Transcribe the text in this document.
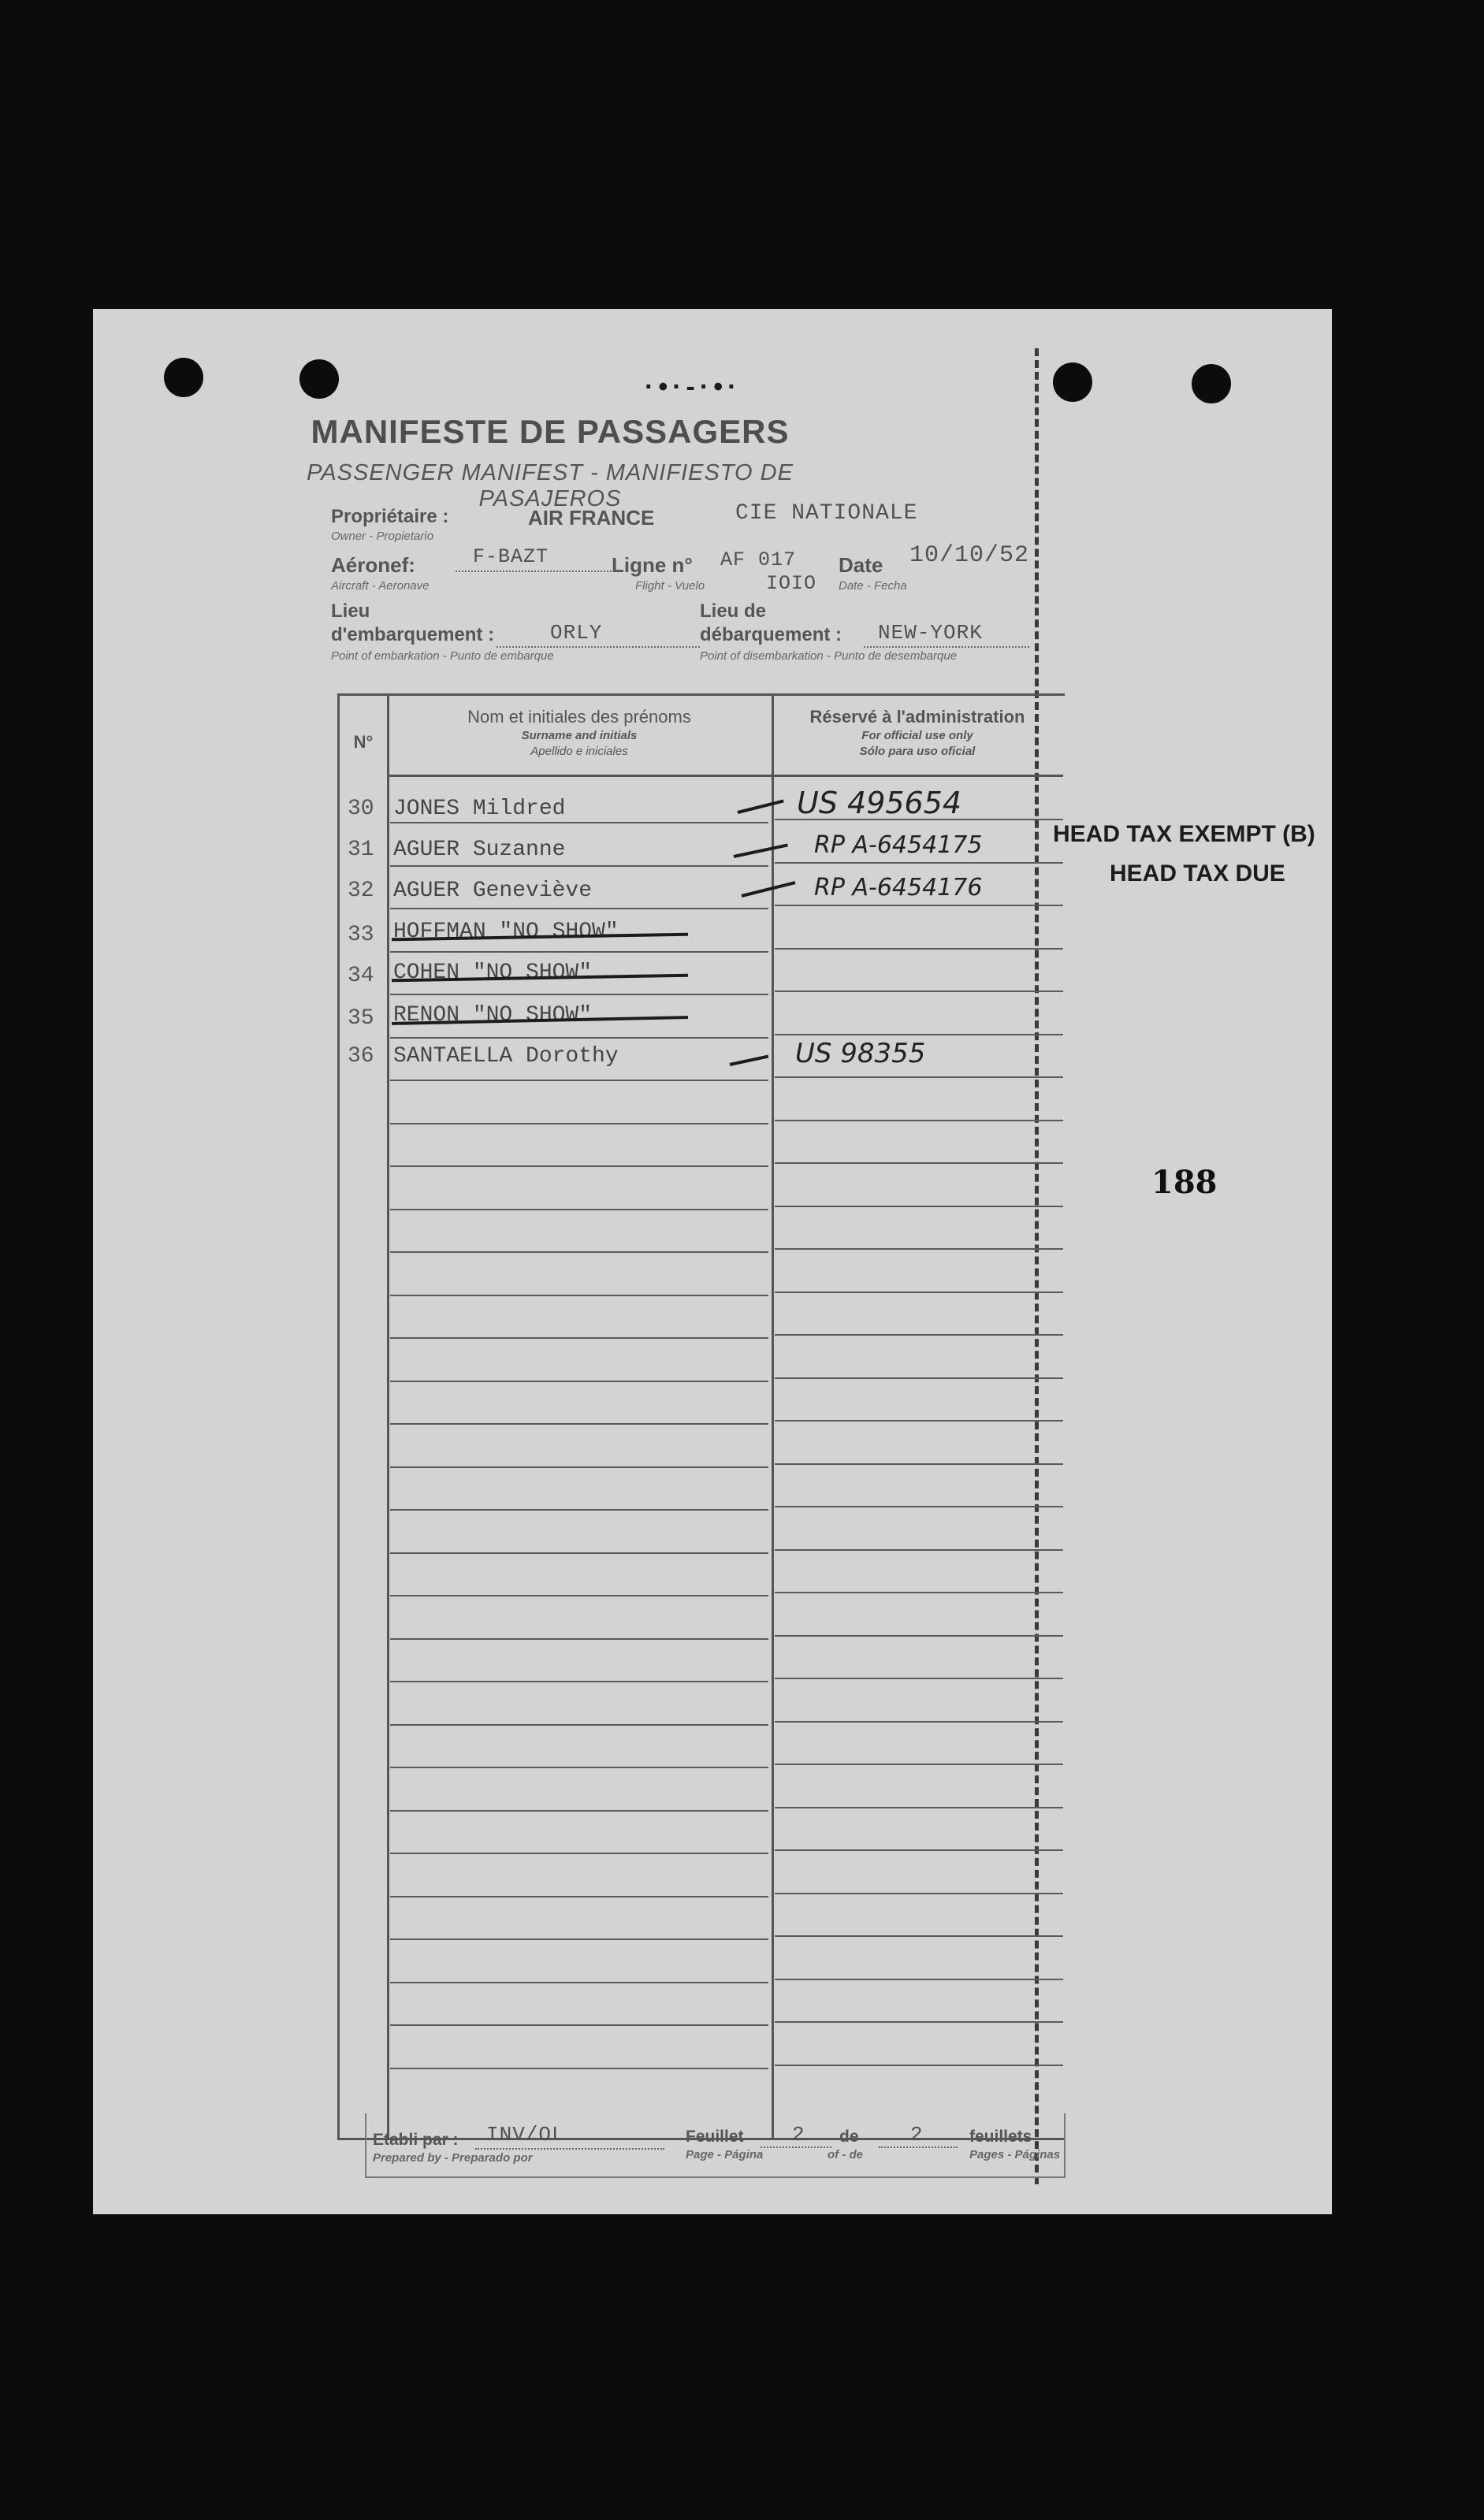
·•·-·•·
MANIFESTE DE PASSAGERS
PASSENGER MANIFEST - MANIFIESTO DE PASAJEROS
Propriétaire :
Owner - Propietario
AIR FRANCE	CIE NATIONALE
Aéronef:
Aircraft - Aeronave
F-BAZT	Ligne n°
Flight - Vuelo
AF 017
IOIO
Date
Date - Fecha
10/10/52
Lieu
d'embarquement :
Point of embarkation - Punto de embarque
ORLY
Lieu de
débarquement :
Point of disembarkation - Punto de desembarque
NEW-YORK
N°
Nom et initiales des prénoms
Surname and initials
Apellido e iniciales
Réservé à l'administration
For official use only
Sólo para uso oficial
30 JONES Mildred	US 495654
31 AGUER Suzanne	RP A-6454175
32 AGUER Geneviève	RP A-6454176
33 HOFFMAN "NO SHOW"
34 COHEN "NO SHOW"
35 RENON "NO SHOW"
36 SANTAELLA Dorothy	US 98355
Etabli par :
Prepared by - Preparado por
INV/OL	Feuillet
Page - Página
2 de
of - de
2	feuillets
Pages - Páginas
HEAD TAX EXEMPT (B)
HEAD TAX DUE
188
